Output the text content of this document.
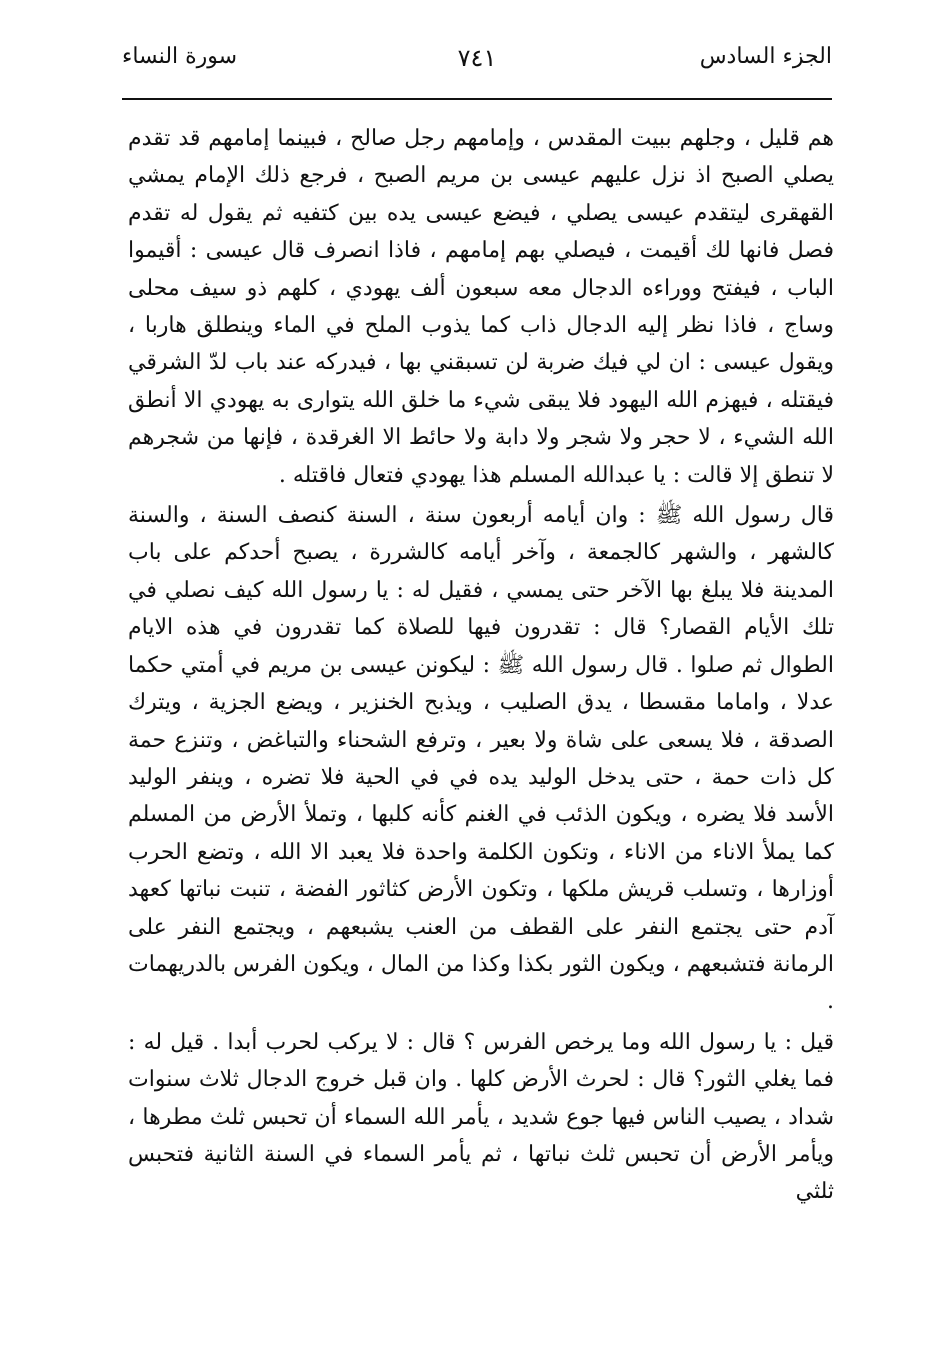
الجزء السادس
٧٤١
سورة النساء

هم قليل ، وجلهم ببيت المقدس ، وإمامهم رجل صالح ، فبينما إمامهم قد تقدم يصلي الصبح اذ نزل عليهم عيسى بن مريم الصبح ، فرجع ذلك الإمام يمشي القهقرى ليتقدم عيسى يصلي ، فيضع عيسى يده بين كتفيه ثم يقول له تقدم فصل فانها لك أقيمت ، فيصلي بهم إمامهم ، فاذا انصرف قال عيسى : أقيموا الباب ، فيفتح ووراءه الدجال معه سبعون ألف يهودي ، كلهم ذو سيف محلى وساج ، فاذا نظر إليه الدجال ذاب كما يذوب الملح في الماء وينطلق هاربا ، ويقول عيسى : ان لي فيك ضربة لن تسبقني بها ، فيدركه عند باب لدّ الشرقي فيقتله ، فيهزم الله اليهود فلا يبقى شيء ما خلق الله يتوارى به يهودي الا أنطق الله الشيء ، لا حجر ولا شجر ولا دابة ولا حائط الا الغرقدة ، فإنها من شجرهم لا تنطق إلا قالت : يا عبدالله المسلم هذا يهودي فتعال فاقتله .

قال رسول الله ﷺ : وان أيامه أربعون سنة ، السنة كنصف السنة ، والسنة كالشهر ، والشهر كالجمعة ، وآخر أيامه كالشررة ، يصبح أحدكم على باب المدينة فلا يبلغ بها الآخر حتى يمسي ، فقيل له : يا رسول الله كيف نصلي في تلك الأيام القصار؟ قال : تقدرون فيها للصلاة كما تقدرون في هذه الايام الطوال ثم صلوا . قال رسول الله ﷺ : ليكونن عيسى بن مريم في أمتي حكما عدلا ، واماما مقسطا ، يدق الصليب ، ويذبح الخنزير ، ويضع الجزية ، ويترك الصدقة ، فلا يسعى على شاة ولا بعير ، وترفع الشحناء والتباغض ، وتنزع حمة كل ذات حمة ، حتى يدخل الوليد يده في في الحية فلا تضره ، وينفر الوليد الأسد فلا يضره ، ويكون الذئب في الغنم كأنه كلبها ، وتملأ الأرض من المسلم كما يملأ الاناء من الاناء ، وتكون الكلمة واحدة فلا يعبد الا الله ، وتضع الحرب أوزارها ، وتسلب قريش ملكها ، وتكون الأرض كثاثور الفضة ، تنبت نباتها كعهد آدم حتى يجتمع النفر على القطف من العنب يشبعهم ، ويجتمع النفر على الرمانة فتشبعهم ، ويكون الثور بكذا وكذا من المال ، ويكون الفرس بالدريهمات .

قيل : يا رسول الله وما يرخص الفرس ؟ قال : لا يركب لحرب أبدا . قيل له : فما يغلي الثور؟ قال : لحرث الأرض كلها . وان قبل خروج الدجال ثلاث سنوات شداد ، يصيب الناس فيها جوع شديد ، يأمر الله السماء أن تحبس ثلث مطرها ، ويأمر الأرض أن تحبس ثلث نباتها ، ثم يأمر السماء في السنة الثانية فتحبس ثلثي
